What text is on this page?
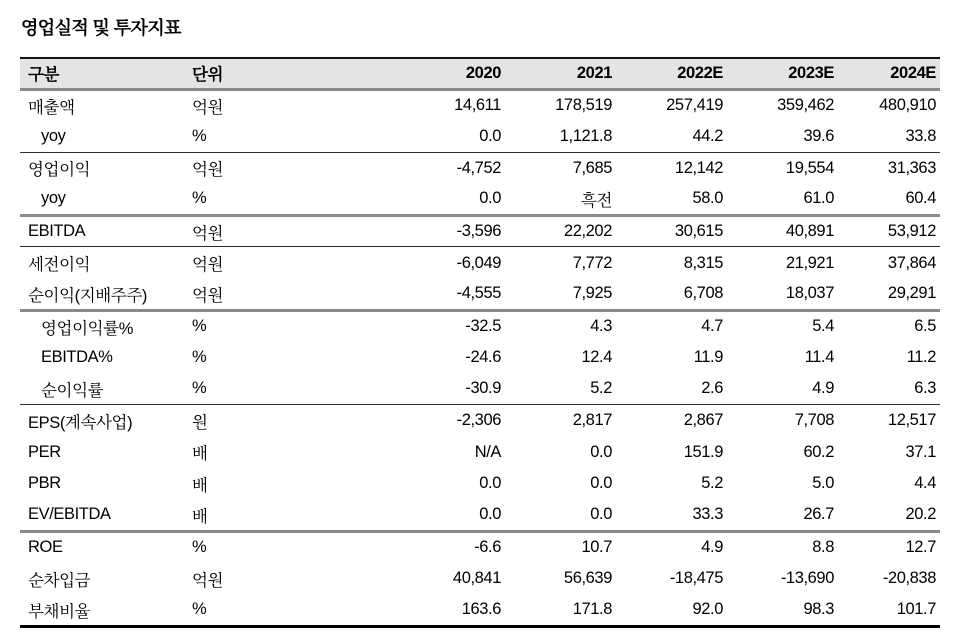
영업실적 및 투자지표
구분	단위	2020	2021	2022E	2023E	2024E
매출액	억원	14,611	178,519	257,419	359,462	480,910
yoy	%	0.0	1,121.8	44.2	39.6	33.8
영업이익	억원	-4,752	7,685	12,142	19,554	31,363
yoy	%	0.0	흑전	58.0	61.0	60.4
EBITDA	억원	-3,596	22,202	30,615	40,891	53,912
세전이익	억원	-6,049	7,772	8,315	21,921	37,864
순이익(지배주주)	억원	-4,555	7,925	6,708	18,037	29,291
영업이익률%	%	-32.5	4.3	4.7	5.4	6.5
EBITDA%	%	-24.6	12.4	11.9	11.4	11.2
순이익률	%	-30.9	5.2	2.6	4.9	6.3
EPS(계속사업)	원	-2,306	2,817	2,867	7,708	12,517
PER	배	N/A	0.0	151.9	60.2	37.1
PBR	배	0.0	0.0	5.2	5.0	4.4
EV/EBITDA	배	0.0	0.0	33.3	26.7	20.2
ROE	%	-6.6	10.7	4.9	8.8	12.7
순차입금	억원	40,841	56,639	-18,475	-13,690	-20,838
부채비율	%	163.6	171.8	92.0	98.3	101.7
